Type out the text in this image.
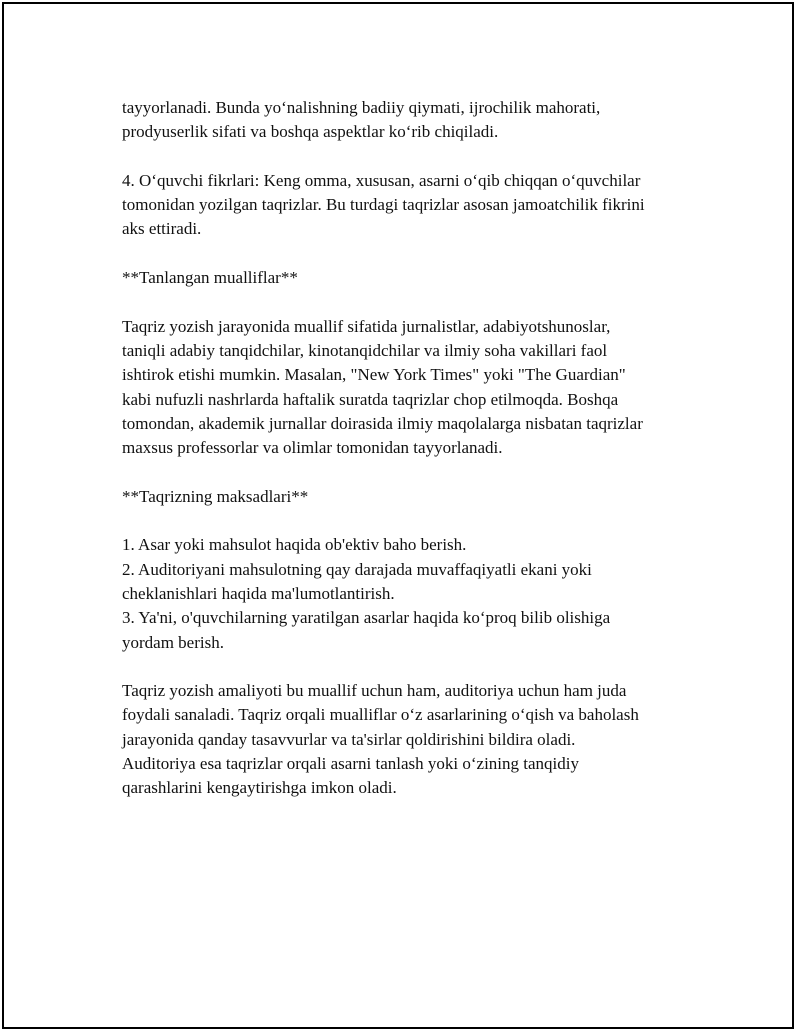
tayyorlanadi. Bunda yo‘nalishning badiiy qiymati, ijrochilik mahorati,
prodyuserlik sifati va boshqa aspektlar ko‘rib chiqiladi.

4. O‘quvchi fikrlari: Keng omma, xususan, asarni o‘qib chiqqan o‘quvchilar
tomonidan yozilgan taqrizlar. Bu turdagi taqrizlar asosan jamoatchilik fikrini
aks ettiradi.

**Tanlangan mualliflar**

Taqriz yozish jarayonida muallif sifatida jurnalistlar, adabiyotshunoslar,
taniqli adabiy tanqidchilar, kinotanqidchilar va ilmiy soha vakillari faol
ishtirok etishi mumkin. Masalan, "New York Times" yoki "The Guardian"
kabi nufuzli nashrlarda haftalik suratda taqrizlar chop etilmoqda. Boshqa
tomondan, akademik jurnallar doirasida ilmiy maqolalarga nisbatan taqrizlar
maxsus professorlar va olimlar tomonidan tayyorlanadi.

**Taqrizning maksadlari**

1. Asar yoki mahsulot haqida ob'ektiv baho berish.
2. Auditoriyani mahsulotning qay darajada muvaffaqiyatli ekani yoki
cheklanishlari haqida ma'lumotlantirish.
3. Ya'ni, o'quvchilarning yaratilgan asarlar haqida ko‘proq bilib olishiga
yordam berish.

Taqriz yozish amaliyoti bu muallif uchun ham, auditoriya uchun ham juda
foydali sanaladi. Taqriz orqali mualliflar o‘z asarlarining o‘qish va baholash
jarayonida qanday tasavvurlar va ta'sirlar qoldirishini bildira oladi.
Auditoriya esa taqrizlar orqali asarni tanlash yoki o‘zining tanqidiy
qarashlarini kengaytirishga imkon oladi.
